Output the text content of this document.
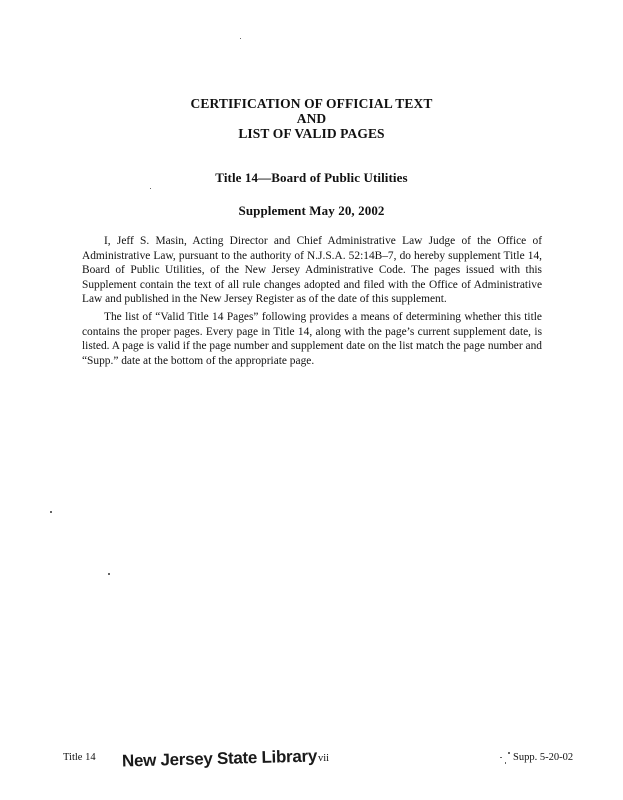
CERTIFICATION OF OFFICIAL TEXT
AND
LIST OF VALID PAGES
Title 14—Board of Public Utilities
Supplement May 20, 2002

I, Jeff S. Masin, Acting Director and Chief Administrative Law Judge of the Office of Administrative Law, pursuant to the authority of N.J.S.A. 52:14B–7, do hereby supplement Title 14, Board of Public Utilities, of the New Jersey Administrative Code. The pages issued with this Supplement contain the text of all rule changes adopted and filed with the Office of Administrative Law and published in the New Jersey Register as of the date of this supplement.

The list of “Valid Title 14 Pages” following provides a means of determining whether this title contains the proper pages. Every page in Title 14, along with the page’s current supplement date, is listed. A page is valid if the page number and supplement date on the list match the page number and “Supp.” date at the bottom of the appropriate page.

Title 14 New Jersey State Library vii	Supp. 5-20-02
